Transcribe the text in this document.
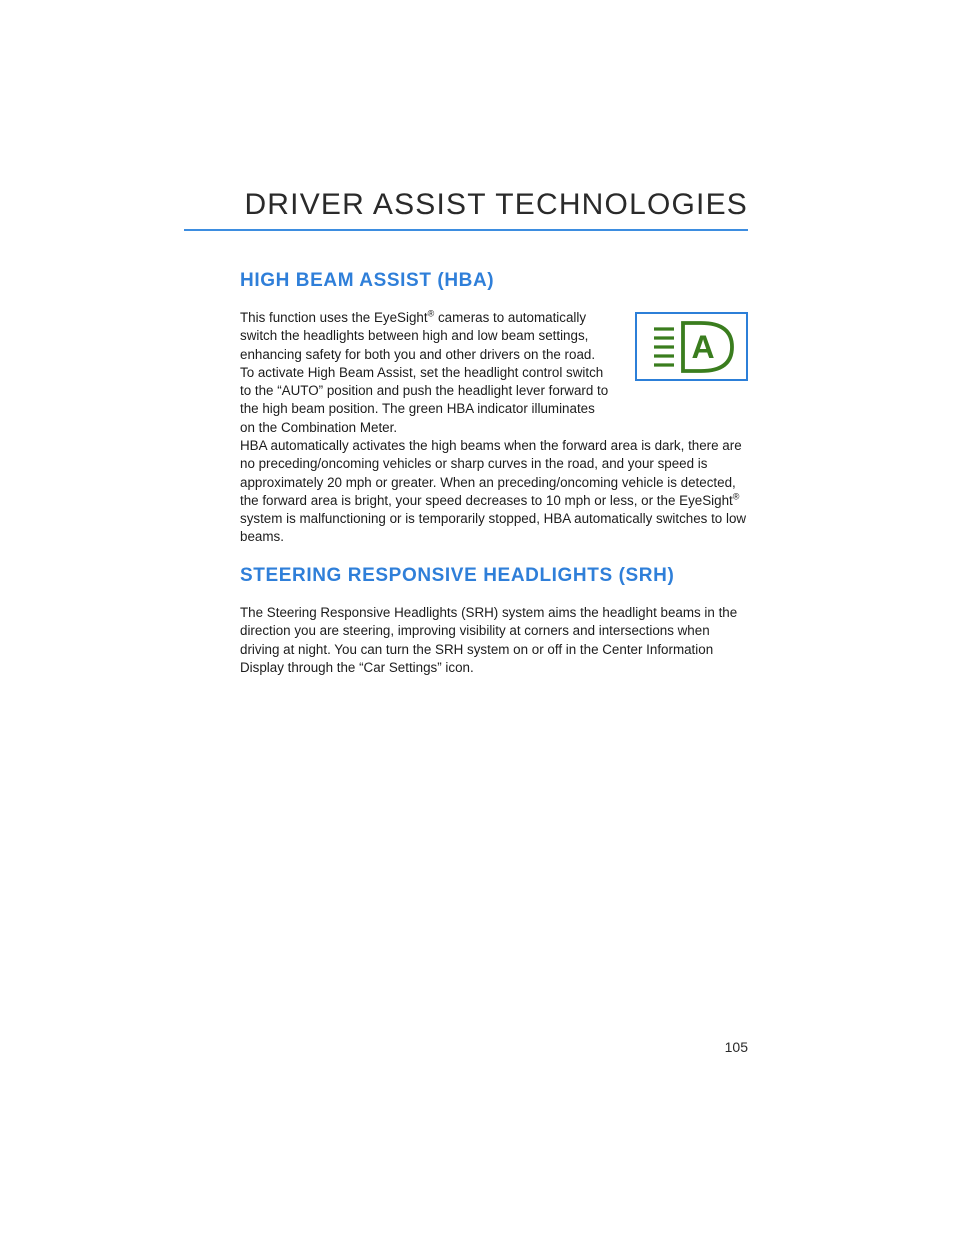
DRIVER ASSIST TECHNOLOGIES
HIGH BEAM ASSIST (HBA)

This function uses the EyeSight® cameras to automatically switch the headlights between high and low beam settings, enhancing safety for both you and other drivers on the road. To activate High Beam Assist, set the headlight control switch to the “AUTO” position and push the headlight lever forward to the high beam position. The green HBA indicator illuminates on the Combination Meter.

A

HBA automatically activates the high beams when the forward area is dark, there are no preceding/oncoming vehicles or sharp curves in the road, and your speed is approximately 20 mph or greater. When an preceding/oncoming vehicle is detected, the forward area is bright, your speed decreases to 10 mph or less, or the EyeSight® system is malfunctioning or is temporarily stopped, HBA automatically switches to low beams.

STEERING RESPONSIVE HEADLIGHTS (SRH)

The Steering Responsive Headlights (SRH) system aims the headlight beams in the direction you are steering, improving visibility at corners and intersections when driving at night. You can turn the SRH system on or off in the Center Information Display through the “Car Settings” icon.

105
